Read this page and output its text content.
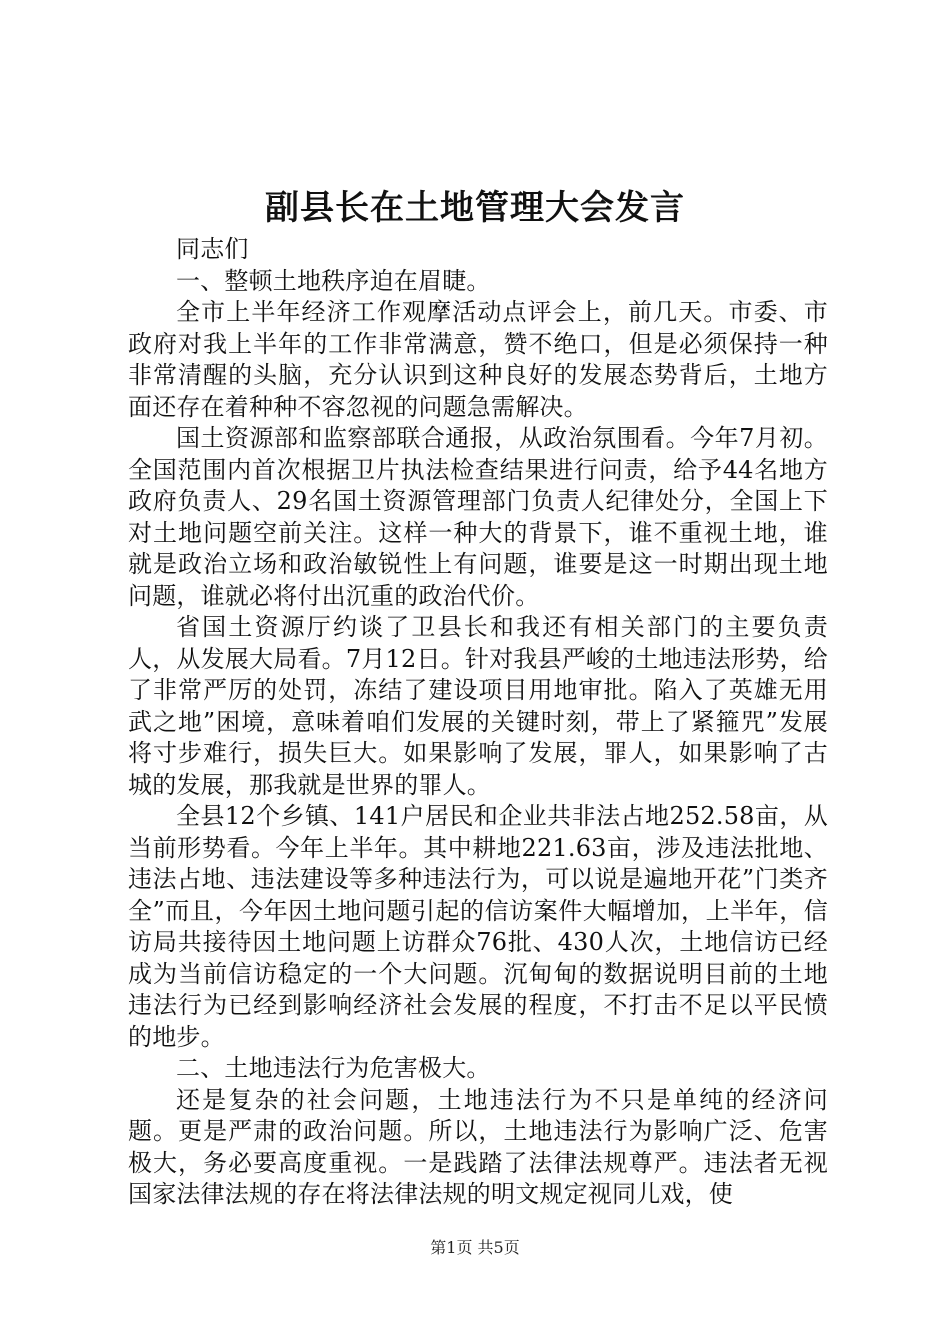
副县长在土地管理大会发言

同志们

一、整顿土地秩序迫在眉睫。

全市上半年经济工作观摩活动点评会上，前几天。市委、市政府对我上半年的工作非常满意，赞不绝口，但是必须保持一种非常清醒的头脑，充分认识到这种良好的发展态势背后，土地方面还存在着种种不容忽视的问题急需解决。

国土资源部和监察部联合通报，从政治氛围看。今年7月初。全国范围内首次根据卫片执法检查结果进行问责，给予44名地方政府负责人、29名国土资源管理部门负责人纪律处分，全国上下对土地问题空前关注。这样一种大的背景下，谁不重视土地，谁就是政治立场和政治敏锐性上有问题，谁要是这一时期出现土地问题，谁就必将付出沉重的政治代价。

省国土资源厅约谈了卫县长和我还有相关部门的主要负责人，从发展大局看。7月12日。针对我县严峻的土地违法形势，给了非常严厉的处罚，冻结了建设项目用地审批。陷入了英雄无用武之地”困境，意味着咱们发展的关键时刻，带上了紧箍咒”发展将寸步难行，损失巨大。如果影响了发展，罪人，如果影响了古城的发展，那我就是世界的罪人。

全县12个乡镇、141户居民和企业共非法占地252.58亩，从当前形势看。今年上半年。其中耕地221.63亩，涉及违法批地、违法占地、违法建设等多种违法行为，可以说是遍地开花”门类齐全”而且，今年因土地问题引起的信访案件大幅增加，上半年，信访局共接待因土地问题上访群众76批、430人次，土地信访已经成为当前信访稳定的一个大问题。沉甸甸的数据说明目前的土地违法行为已经到影响经济社会发展的程度，不打击不足以平民愤的地步。

二、土地违法行为危害极大。

还是复杂的社会问题，土地违法行为不只是单纯的经济问题。更是严肃的政治问题。所以，土地违法行为影响广泛、危害极大，务必要高度重视。一是践踏了法律法规尊严。违法者无视国家法律法规的存在将法律法规的明文规定视同儿戏，使

第1页 共5页
